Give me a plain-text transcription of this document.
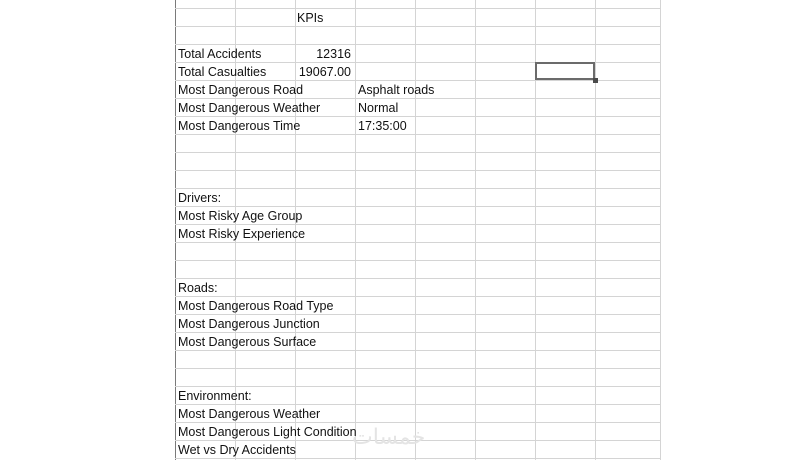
KPIs
Total Accidents	12316
Total Casualties	19067.00
Most Dangerous Road	Asphalt roads
Most Dangerous Weather	Normal
Most Dangerous Time	17:35:00
Drivers:
Most Risky Age Group
Most Risky Experience
Roads:
Most Dangerous Road Type
Most Dangerous Junction
Most Dangerous Surface
Environment:
Most Dangerous Weather
Most Dangerous Light Condition
Wet vs Dry Accidents	خمسات
